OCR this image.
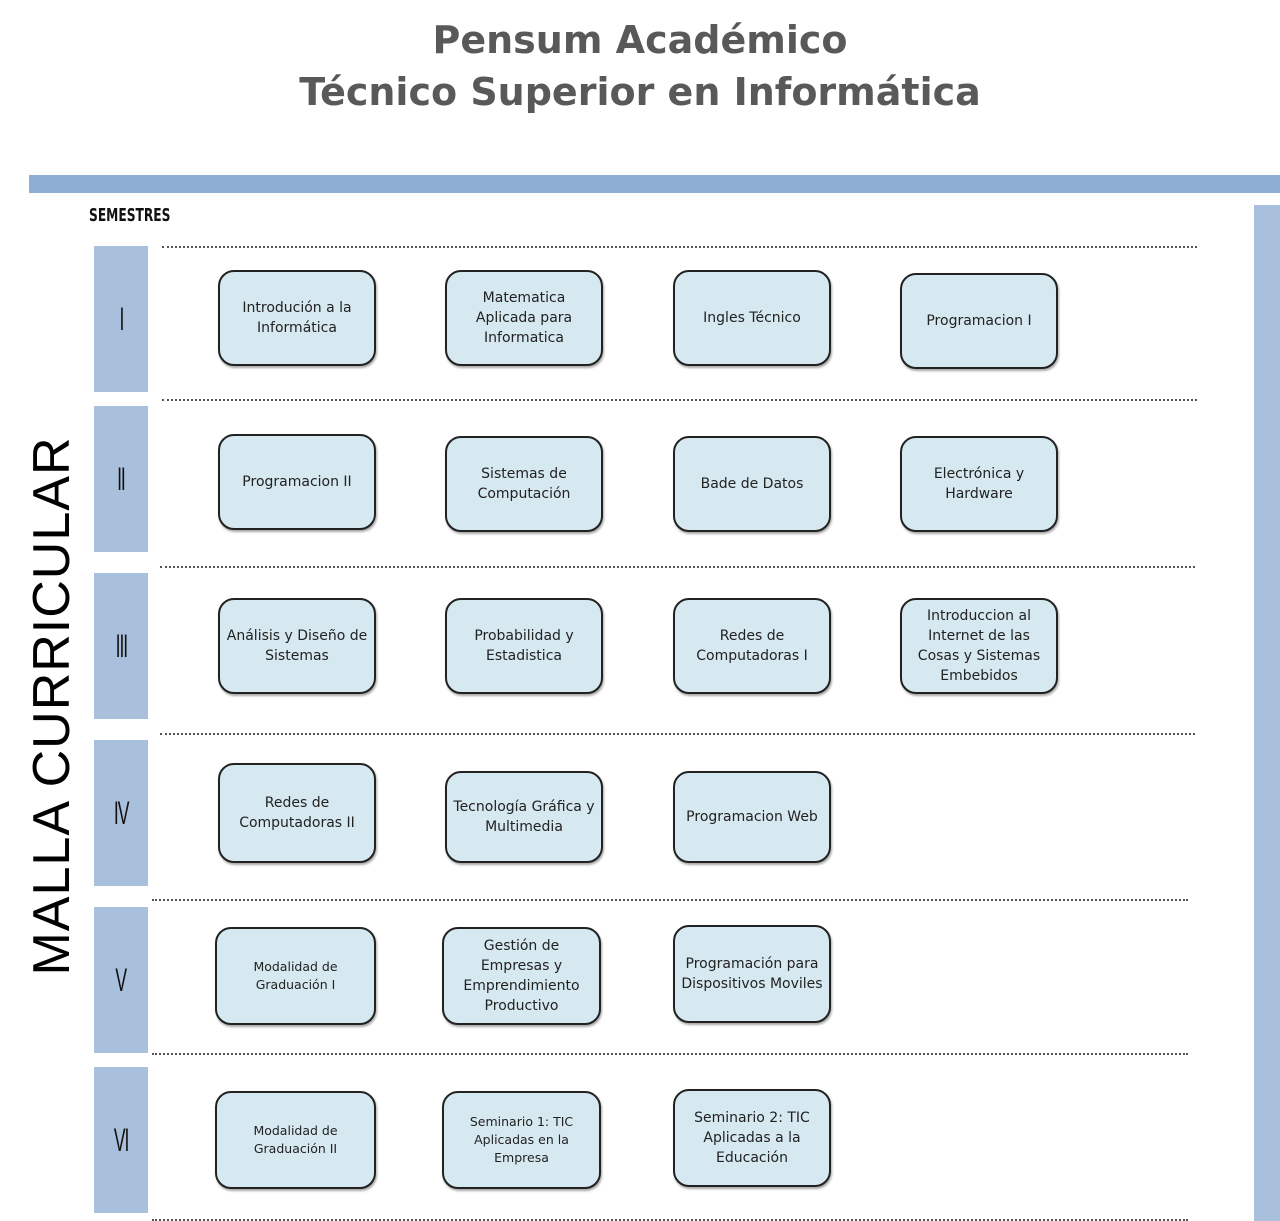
Pensum Académico
Técnico Superior en Informática
SEMESTRES
MALLA CURRICULAR
I	Introdución a la Informática
Matematica Aplicada para Informatica
Ingles Técnico	Programacion I
II	Programacion II	Sistemas de Computación
Bade de Datos
Electrónica y Hardware
III	Análisis y Diseño de Sistemas
Probabilidad y Estadistica
Redes de Computadoras I
Introduccion al Internet de las Cosas y Sistemas Embebidos
IV	Redes de Computadoras II
Tecnología Gráfica y Multimedia
Programacion Web
V	Modalidad de Graduación I
Gestión de Empresas y Emprendimiento Productivo
Programación para Dispositivos Moviles
VI	Modalidad de Graduación II
Seminario 1: TIC Aplicadas en la Empresa
Seminario 2: TIC Aplicadas a la Educación
